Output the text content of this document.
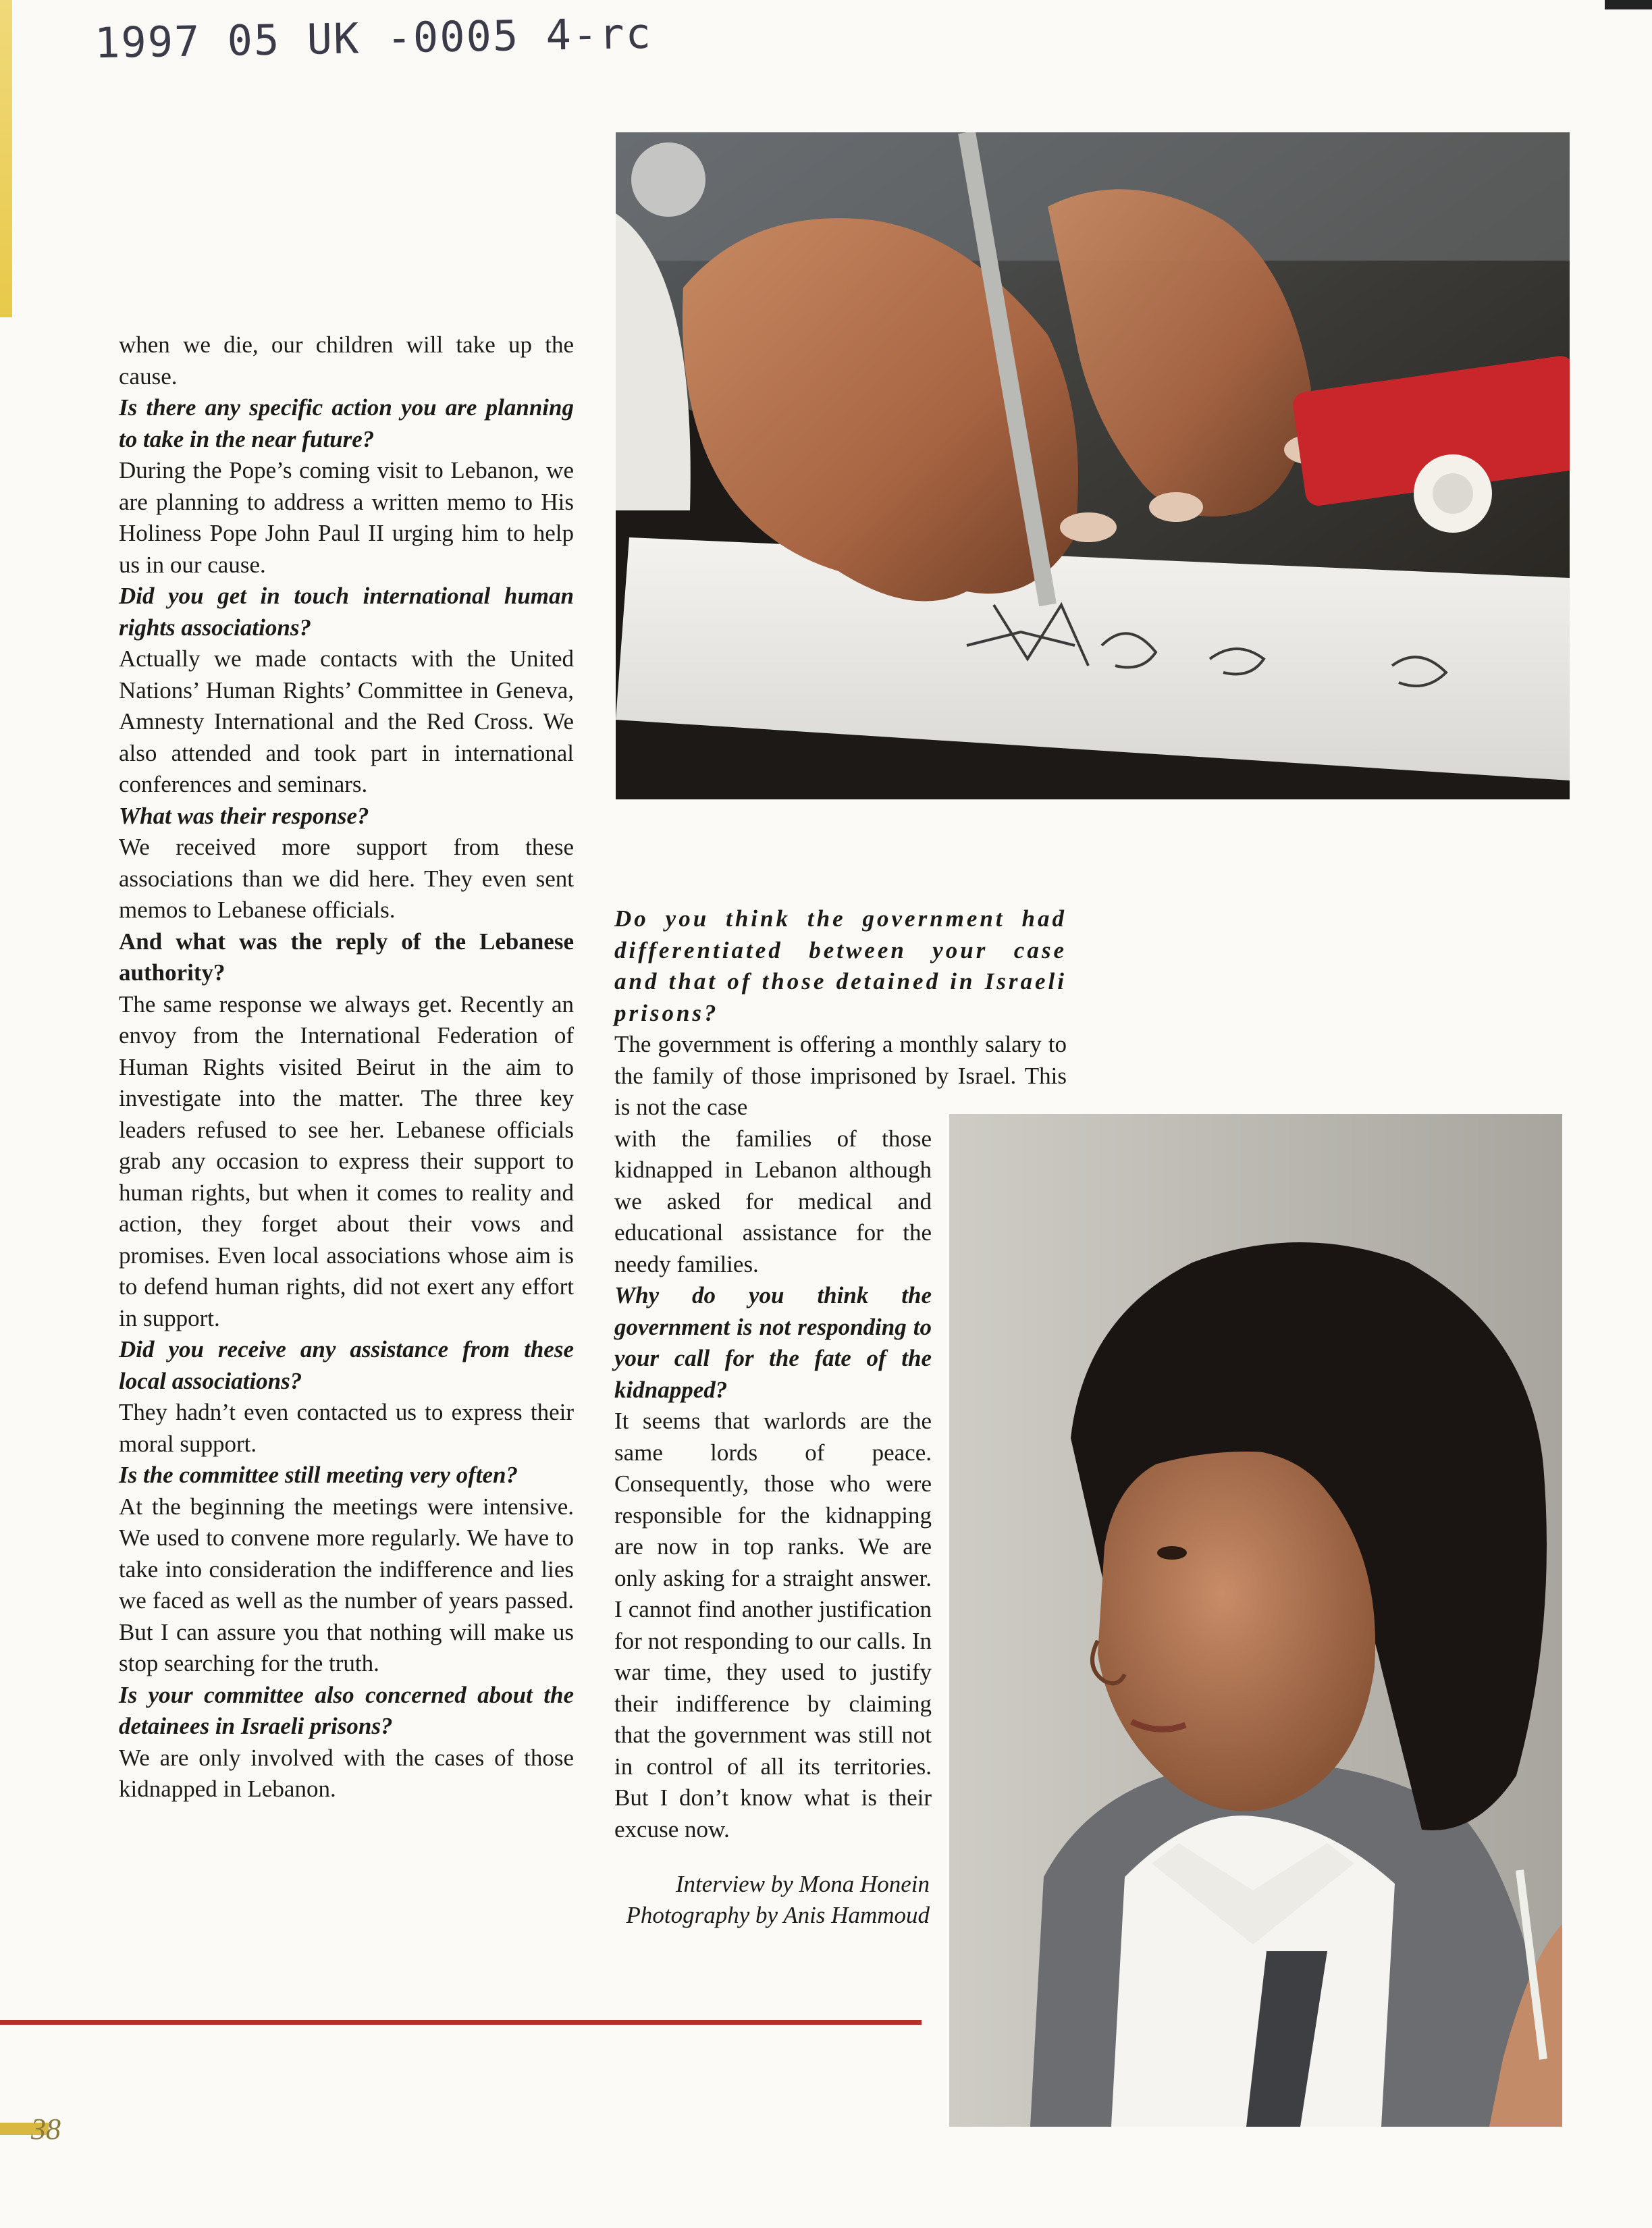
1997 05 UK -0005 4-rc

when we die, our children will take up the cause.

Is there any specific action you are planning to take in the near future?

During the Pope’s coming visit to Lebanon, we are planning to address a written memo to His Holiness Pope John Paul II urging him to help us in our cause.

Did you get in touch international human rights associations?

Actually we made contacts with the United Nations’ Human Rights’ Committee in Geneva, Amnesty International and the Red Cross. We also attended and took part in international conferences and seminars.

What was their response?

We received more support from these associations than we did here. They even sent memos to Lebanese officials.

And what was the reply of the Lebanese authority?

The same response we always get. Recently an envoy from the International Federation of Human Rights visited Beirut in the aim to investigate into the matter. The three key leaders refused to see her. Lebanese officials grab any occasion to express their support to human rights, but when it comes to reality and action, they forget about their vows and promises. Even local associations whose aim is to defend human rights, did not exert any effort in support.

Did you receive any assistance from these local associations?

They hadn’t even contacted us to express their moral support.

Is the committee still meeting very often?

At the beginning the meetings were intensive. We used to convene more regularly. We have to take into consideration the indifference and lies we faced as well as the number of years passed. But I can assure you that nothing will make us stop searching for the truth.

Is your committee also concerned about the detainees in Israeli prisons?

We are only involved with the cases of those kidnapped in Lebanon.

Do you think the government had differentiated between your case and that of those detained in Israeli prisons?

The government is offering a monthly salary to the family of those imprisoned by Israel. This is not the case

with the families of those kidnapped in Lebanon although we asked for medical and educational assistance for the needy families.

Why do you think the government is not responding to your call for the fate of the kidnapped?

It seems that warlords are the same lords of peace. Consequently, those who were responsible for the kidnapping are now in top ranks. We are only asking for a straight answer. I cannot find another justification for not responding to our calls. In war time, they used to justify their indifference by claiming that the government was still not in control of all its territories. But I don’t know what is their excuse now.

Interview by Mona Honein
Photography by Anis Hammoud
38
